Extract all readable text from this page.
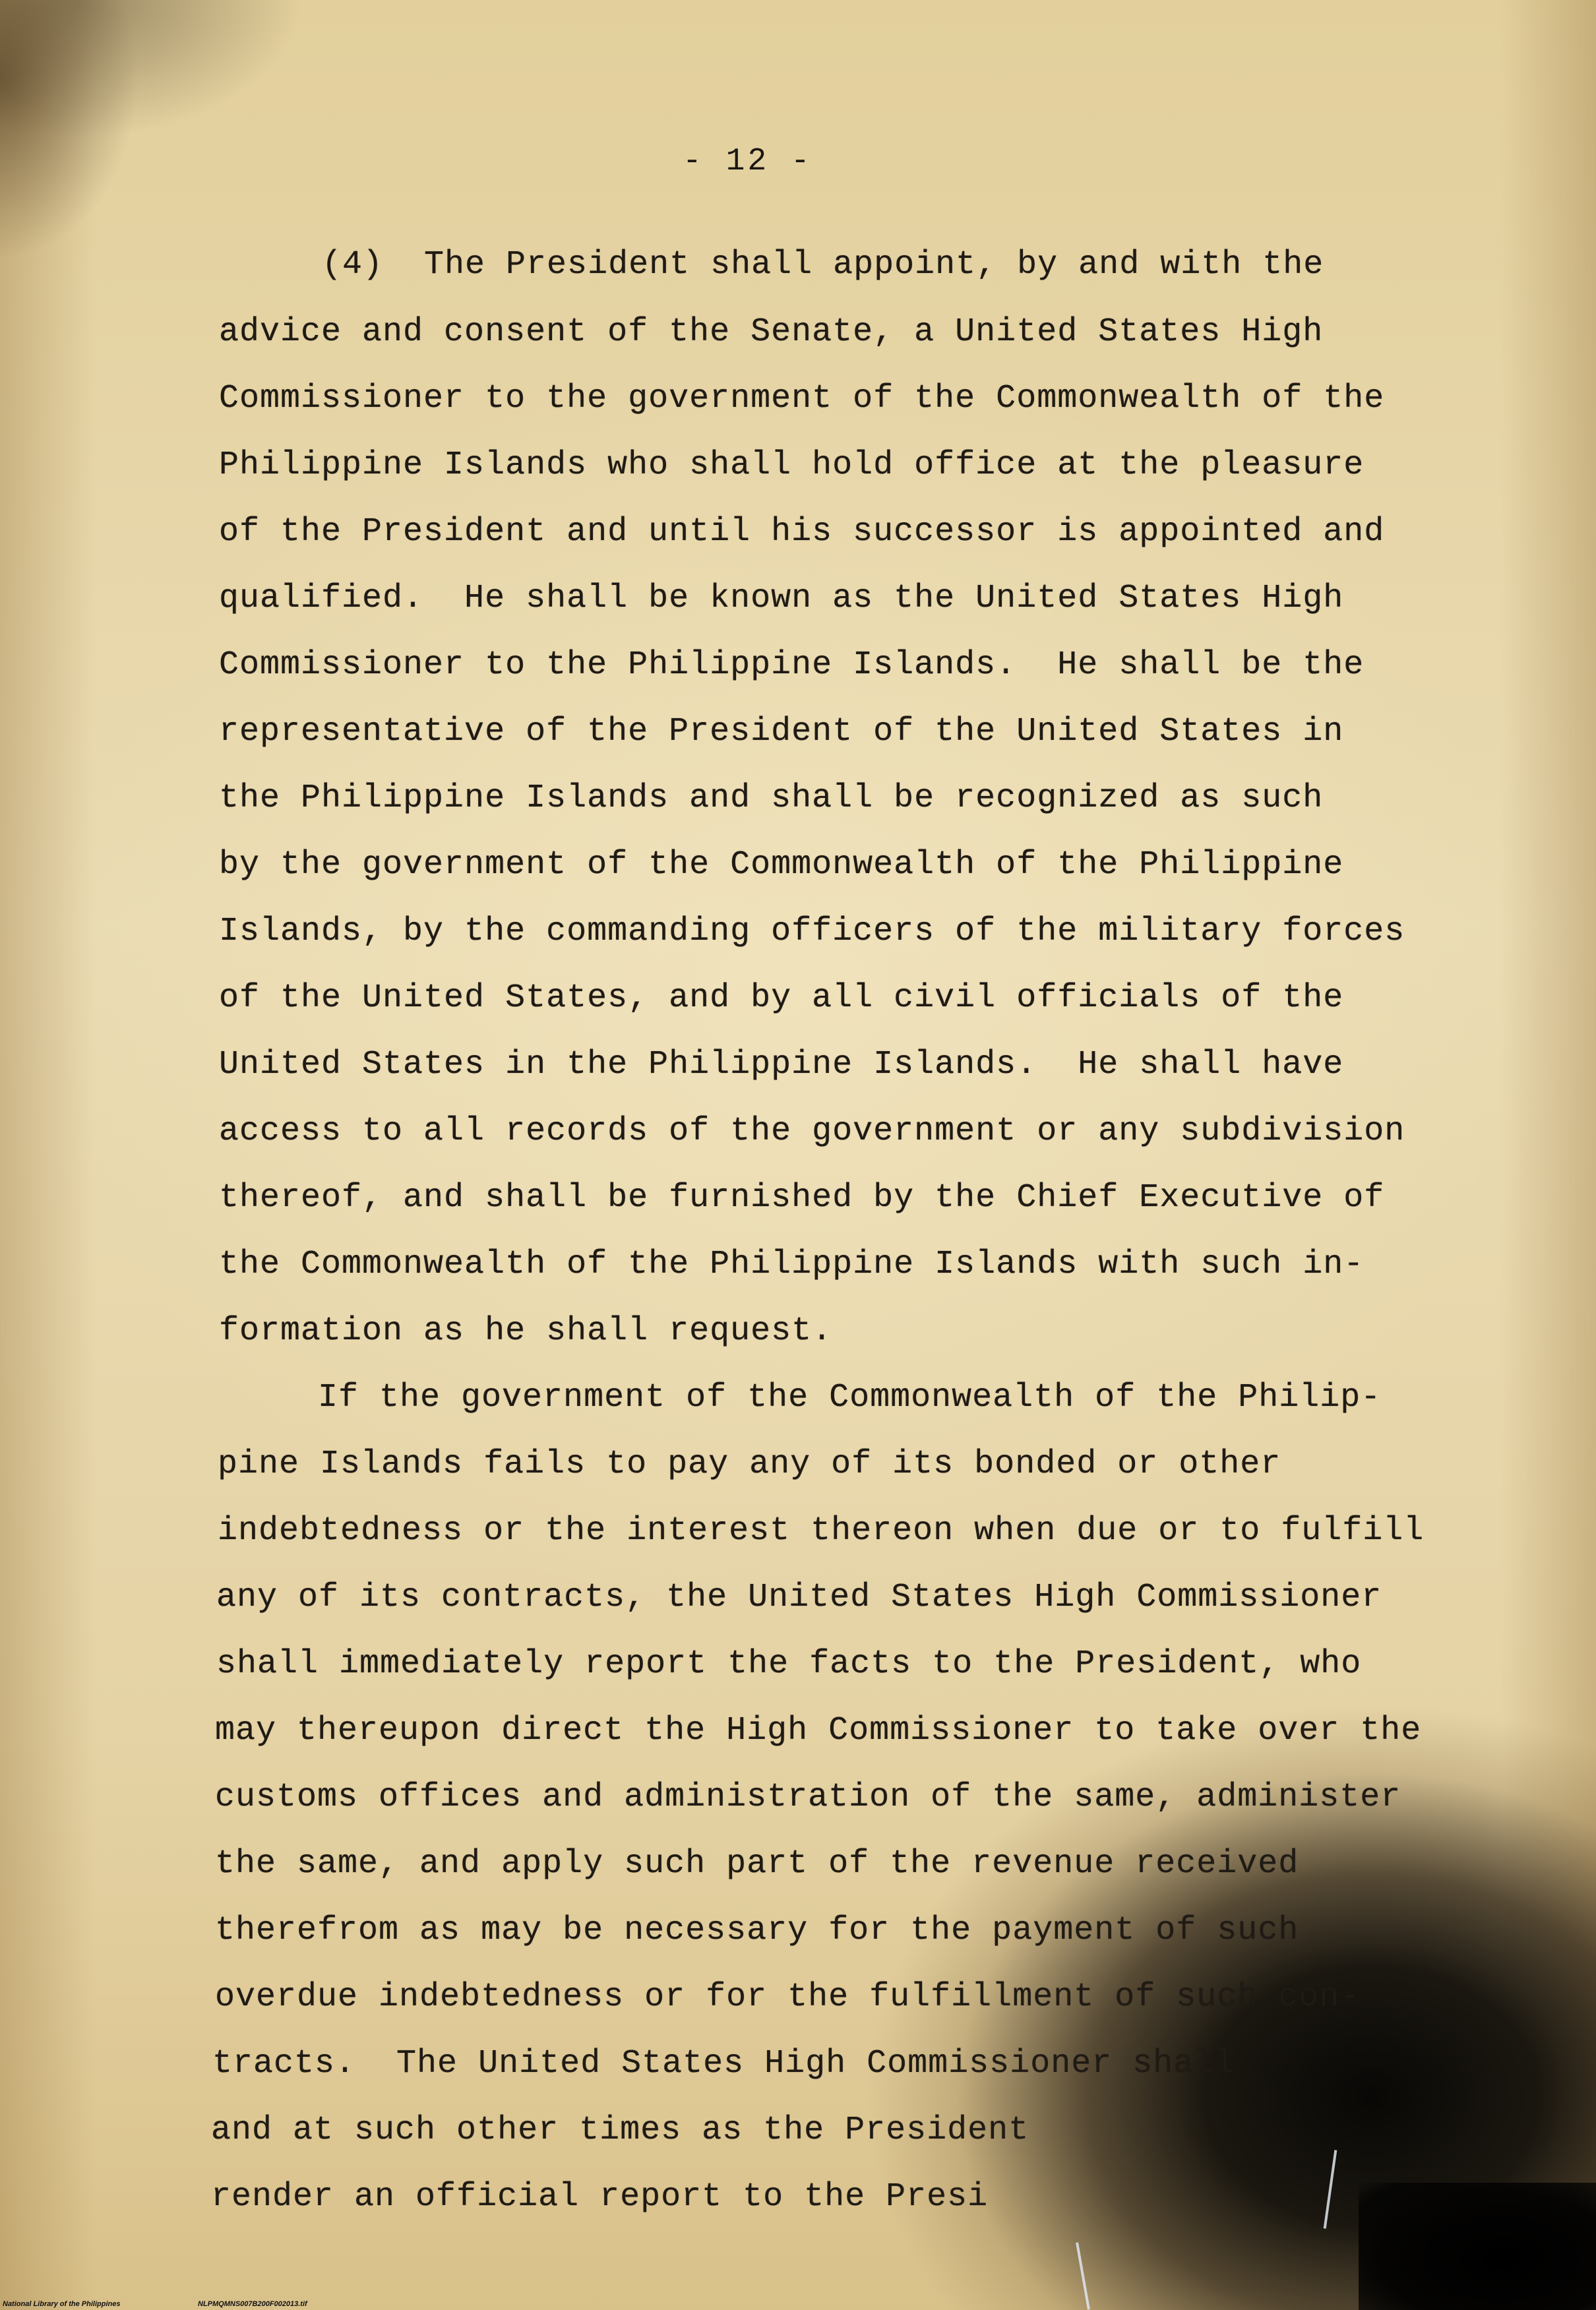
- 12 -
(4)  The President shall appoint, by and with the
advice and consent of the Senate, a United States High
Commissioner to the government of the Commonwealth of the
Philippine Islands who shall hold office at the pleasure
of the President and until his successor is appointed and
qualified.  He shall be known as the United States High
Commissioner to the Philippine Islands.  He shall be the
representative of the President of the United States in
the Philippine Islands and shall be recognized as such
by the government of the Commonwealth of the Philippine
Islands, by the commanding officers of the military forces
of the United States, and by all civil officials of the
United States in the Philippine Islands.  He shall have
access to all records of the government or any subdivision
thereof, and shall be furnished by the Chief Executive of
the Commonwealth of the Philippine Islands with such in-
formation as he shall request.
If the government of the Commonwealth of the Philip-
pine Islands fails to pay any of its bonded or other
indebtedness or the interest thereon when due or to fulfill
any of its contracts, the United States High Commissioner
shall immediately report the facts to the President, who
may thereupon direct the High Commissioner to take over the
customs offices and administration of the same, administer
the same, and apply such part of the revenue received
therefrom as may be necessary for the payment of such
overdue indebtedness or for the fulfillment of such con-
tracts.  The United States High Commissioner shall
and at such other times as the President
render an official report to the Presi
National Library of the Philippines	NLPMQMNS007B200F002013.tif
